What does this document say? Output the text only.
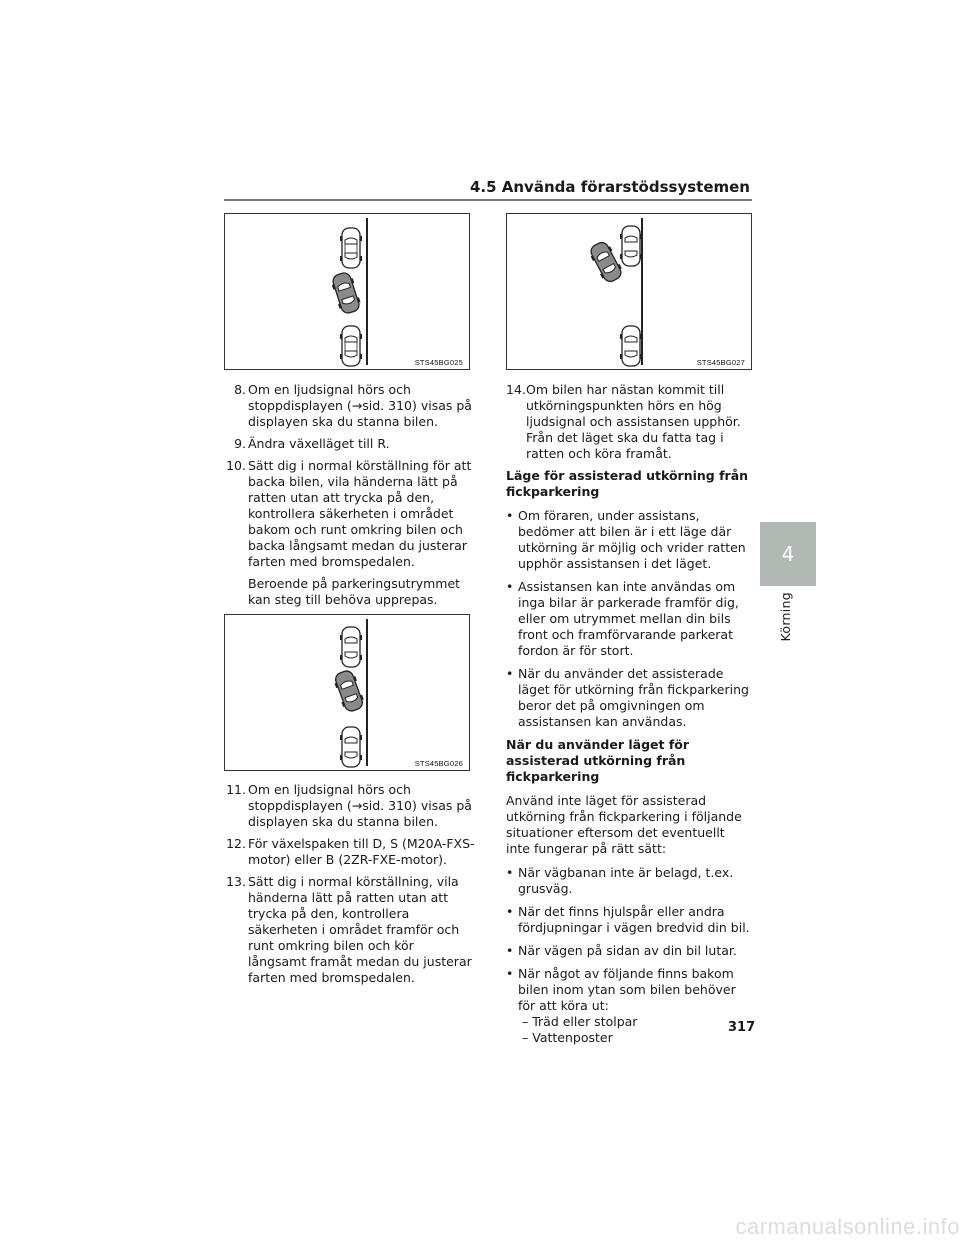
4.5 Använda förarstödssystemen
STS45BG025	STS45BG027
8 . Om en ljudsignal hörs och stoppdisplayen (→sid. 310) visas på displayen ska du stanna bilen.
9 . Ändra växelläget till R.
10 . Sätt dig i normal körställning för att backa bilen, vila händerna lätt på ratten utan att trycka på den, kontrollera säkerheten i området bakom och runt omkring bilen och backa långsamt medan du justerar farten med bromspedalen.
Beroende på parkeringsutrymmet kan steg till behöva upprepas.
STS45BG026
11 . Om en ljudsignal hörs och stoppdisplayen (→sid. 310) visas på displayen ska du stanna bilen.
12 . För växelspaken till D, S (M20A-FXS-motor) eller B (2ZR-FXE-motor).
13 . Sätt dig i normal körställning, vila händerna lätt på ratten utan att trycka på den, kontrollera säkerheten i området framför och runt omkring bilen och kör långsamt framåt medan du justerar farten med bromspedalen.
14 . Om bilen har nästan kommit till utkörningspunkten hörs en hög ljudsignal och assistansen upphör. Från det läget ska du fatta tag i ratten och köra framåt.
Läge för assisterad utkörning från fickparkering
• Om föraren, under assistans, bedömer att bilen är i ett läge där utkörning är möjlig och vrider ratten upphör assistansen i det läget.
• Assistansen kan inte användas om inga bilar är parkerade framför dig, eller om utrymmet mellan din bils front och framförvarande parkerat fordon är för stort.
• När du använder det assisterade läget för utkörning från fickparkering beror det på omgivningen om assistansen kan användas.
När du använder läget för assisterad utkörning från fickparkering
Använd inte läget för assisterad utkörning från fickparkering i följande situationer eftersom det eventuellt inte fungerar på rätt sätt:
• När vägbanan inte är belagd, t.ex. grusväg.
• När det finns hjulspår eller andra fördjupningar i vägen bredvid din bil.
• När vägen på sidan av din bil lutar.
• När något av följande finns bakom bilen inom ytan som bilen behöver för att köra ut:
– Träd eller stolpar
– Vattenposter
317
4
Körning
carmanualsonline.info
